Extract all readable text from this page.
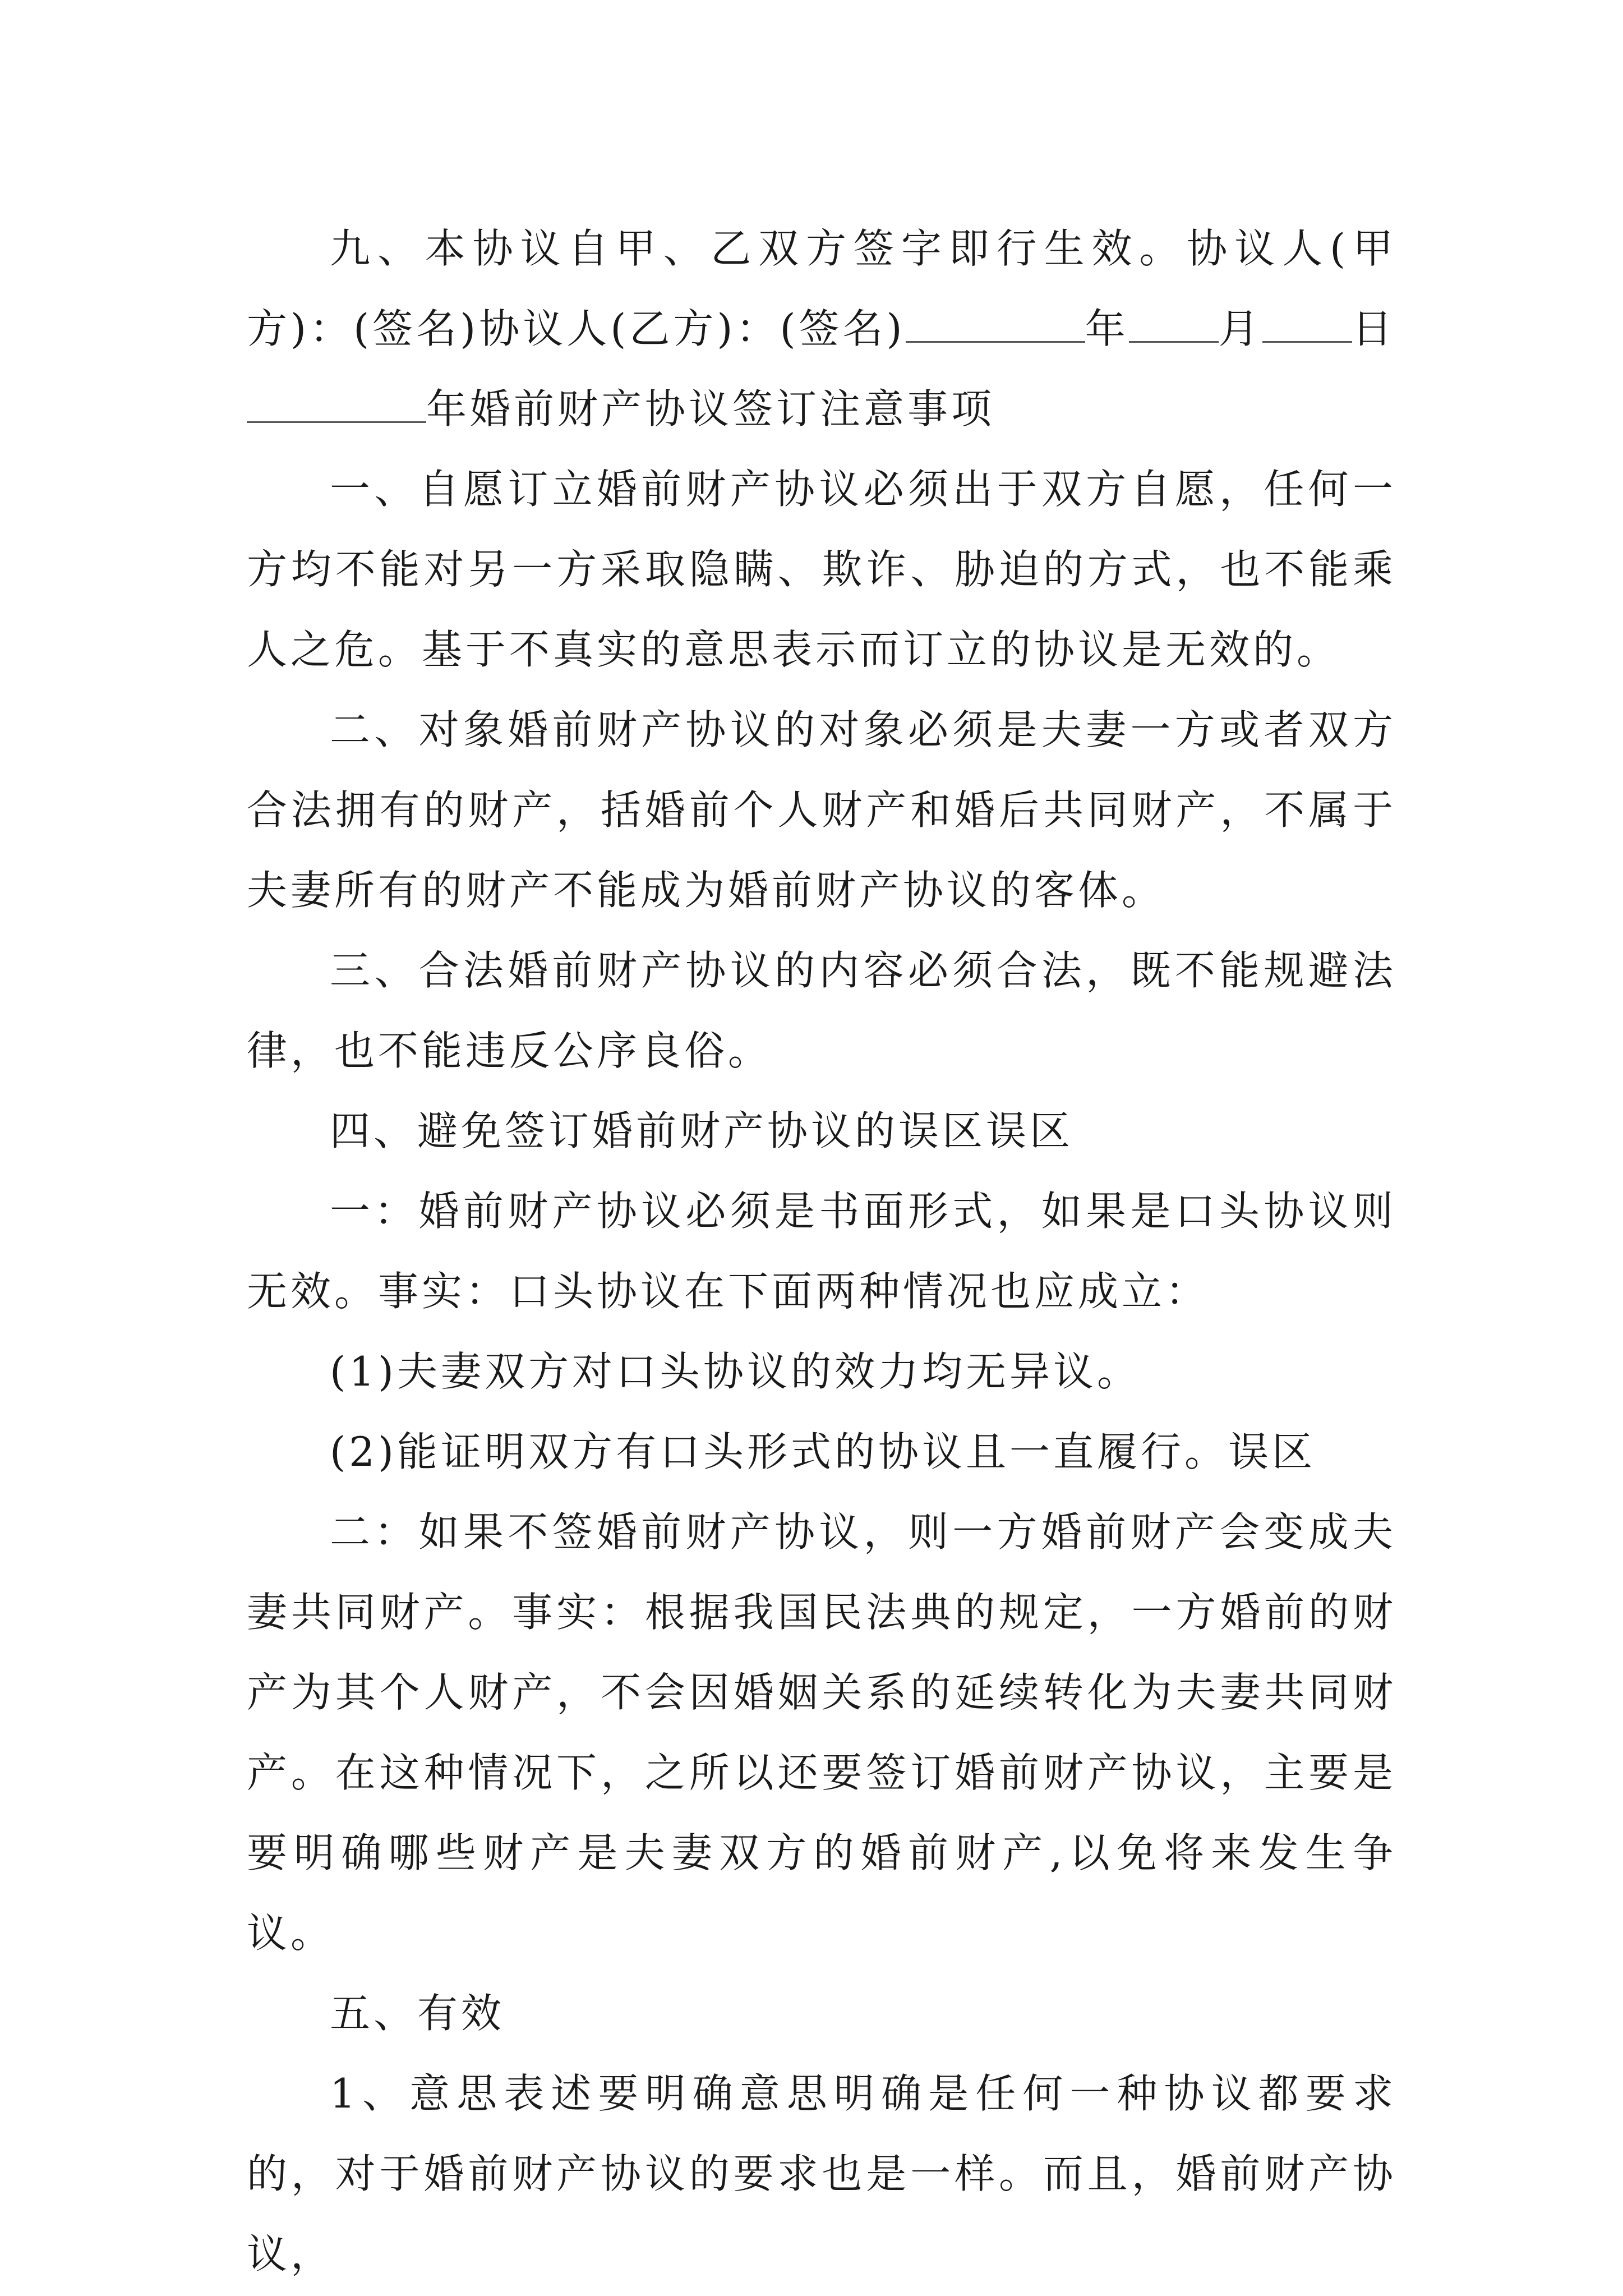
九、本协议自甲、乙双方签字即行生效。协议人(甲方)：(签名)协议人(乙方)：(签名)	年 月 日

年婚前财产协议签订注意事项

一、自愿订立婚前财产协议必须出于双方自愿，任何一方均不能对另一方采取隐瞒、欺诈、胁迫的方式，也不能乘人之危。基于不真实的意思表示而订立的协议是无效的。

二、对象婚前财产协议的对象必须是夫妻一方或者双方合法拥有的财产，括婚前个人财产和婚后共同财产，不属于夫妻所有的财产不能成为婚前财产协议的客体。

三、合法婚前财产协议的内容必须合法，既不能规避法律，也不能违反公序良俗。

四、避免签订婚前财产协议的误区误区

一：婚前财产协议必须是书面形式，如果是口头协议则无效。事实：口头协议在下面两种情况也应成立：

(1)夫妻双方对口头协议的效力均无异议。

(2)能证明双方有口头形式的协议且一直履行。误区

二：如果不签婚前财产协议，则一方婚前财产会变成夫妻共同财产。事实：根据我国民法典的规定，一方婚前的财产为其个人财产，不会因婚姻关系的延续转化为夫妻共同财产。在这种情况下，之所以还要签订婚前财产协议，主要是要明确哪些财产是夫妻双方的婚前财产,以免将来发生争议。

五、有效

1、意思表述要明确意思明确是任何一种协议都要求的，对于婚前财产协议的要求也是一样。而且，婚前财产协议，
